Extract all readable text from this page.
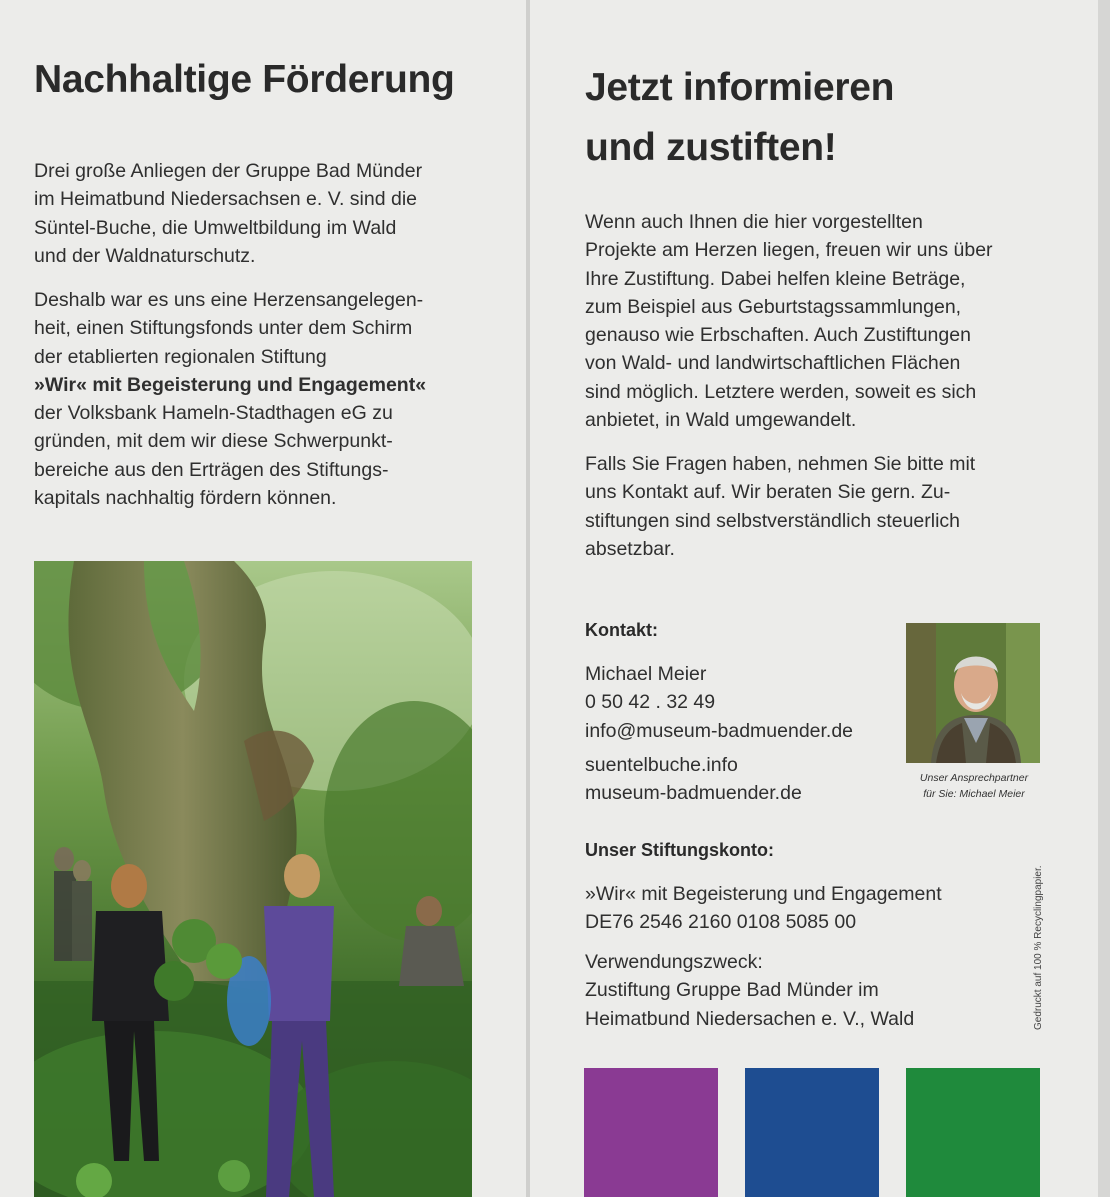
Nachhaltige Förderung

Drei große Anliegen der Gruppe Bad Münder
im Heimatbund Niedersachsen e. V. sind die
Süntel-Buche, die Umweltbildung im Wald
und der Waldnaturschutz.

Deshalb war es uns eine Herzensangelegen-
heit, einen Stiftungsfonds unter dem Schirm
der etablierten regionalen Stiftung
»Wir« mit Begeisterung und Engagement«
der Volksbank Hameln-Stadthagen eG zu
gründen, mit dem wir diese Schwerpunkt-
bereiche aus den Erträgen des Stiftungs-
kapitals nachhaltig fördern können.

Jetzt informieren
und zustiften!

Wenn auch Ihnen die hier vorgestellten
Projekte am Herzen liegen, freuen wir uns über
Ihre Zustiftung. Dabei helfen kleine Beträge,
zum Beispiel aus Geburtstagssammlungen,
genauso wie Erbschaften. Auch Zustiftungen
von Wald- und landwirtschaftlichen Flächen
sind möglich. Letztere werden, soweit es sich
anbietet, in Wald umgewandelt.

Falls Sie Fragen haben, nehmen Sie bitte mit
uns Kontakt auf. Wir beraten Sie gern. Zu-
stiftungen sind selbstverständlich steuerlich
absetzbar.

Kontakt:

Michael Meier
0 50 42 . 32 49
info@museum-badmuender.de

suentelbuche.info
museum-badmuender.de

Unser Ansprechpartner
für Sie: Michael Meier
Unser Stiftungskonto:

»Wir« mit Begeisterung und Engagement
DE76 2546 2160 0108 5085 00

Verwendungszweck:
Zustiftung Gruppe Bad Münder im
Heimatbund Niedersachen e. V., Wald	Gedruckt auf 100 % Recyclingpapier.
